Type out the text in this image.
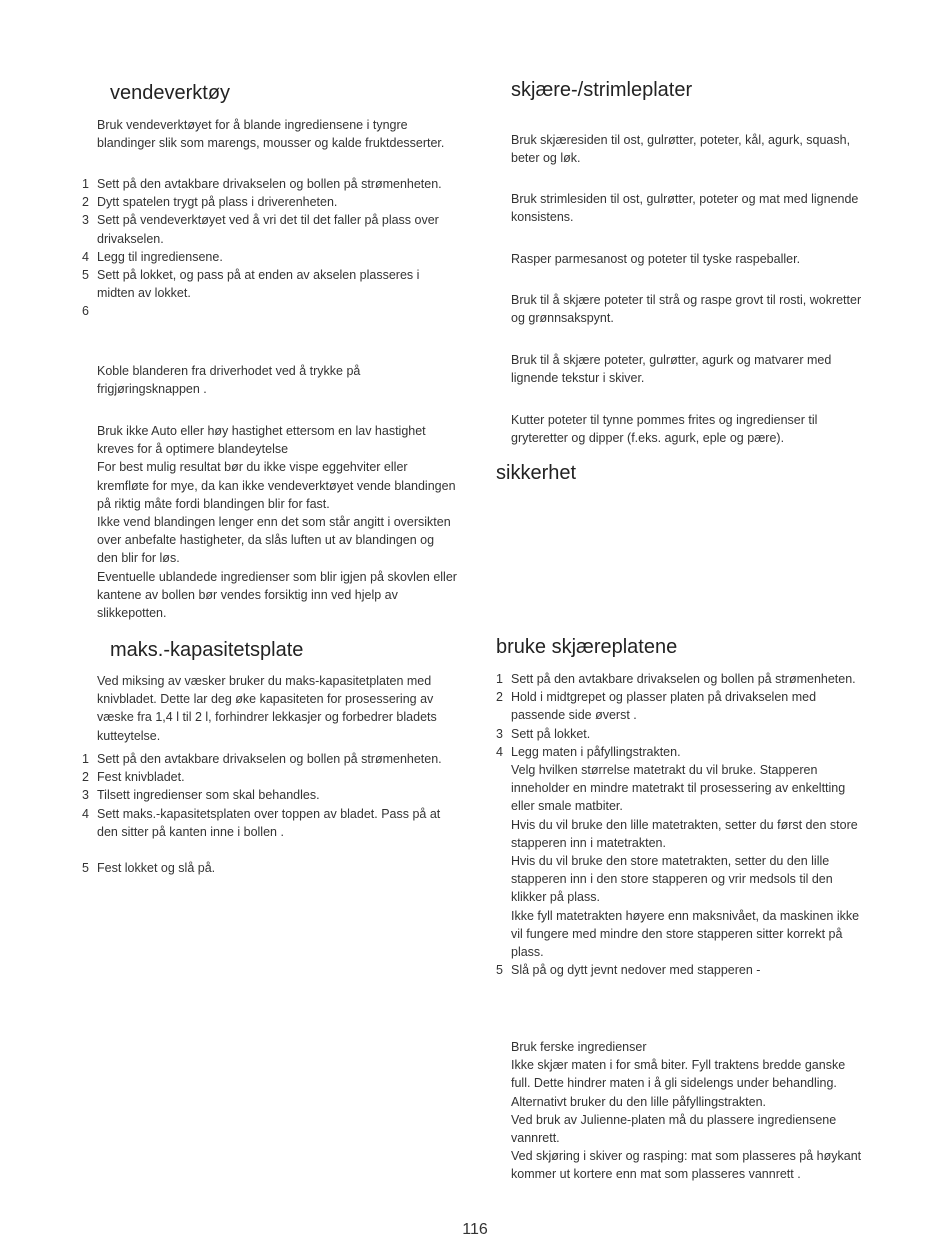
vendeverktøy

Bruk vendeverktøyet for å blande ingrediensene i tyngre blandinger slik som marengs, mousser og kalde fruktdesserter.

1 Sett på den avtakbare drivakselen og bollen på strømenheten.
2 Dytt spatelen trygt på plass i driverenheten.
3 Sett på vendeverktøyet ved å vri det til det faller på plass over drivakselen.
4 Legg til ingrediensene.
5 Sett på lokket, og pass på at enden av akselen plasseres i midten av lokket.
6

Koble blanderen fra driverhodet ved å trykke på frigjøringsknappen .

Bruk ikke Auto eller høy hastighet ettersom en lav hastighet kreves for å optimere blandeytelse

For best mulig resultat bør du ikke vispe eggehviter eller kremfløte for mye, da kan ikke vendeverktøyet vende blandingen på riktig måte fordi blandingen blir for fast.

Ikke vend blandingen lenger enn det som står angitt i oversikten over anbefalte hastigheter, da slås luften ut av blandingen og den blir for løs.

Eventuelle ublandede ingredienser som blir igjen på skovlen eller kantene av bollen bør vendes forsiktig inn ved hjelp av slikkepotten.

maks.-kapasitetsplate

Ved miksing av væsker bruker du maks-kapasitetplaten med knivbladet. Dette lar deg øke kapasiteten for prosessering av væske fra 1,4 l til 2 l, forhindrer lekkasjer og forbedrer bladets kutteytelse.

1 Sett på den avtakbare drivakselen og bollen på strømenheten.
2 Fest knivbladet.
3 Tilsett ingredienser som skal behandles.
4 Sett maks.-kapasitetsplaten over toppen av bladet. Pass på at den sitter på kanten inne i bollen .
5 Fest lokket og slå på.
skjære-/strimleplater

Bruk skjæresiden til ost, gulrøtter, poteter, kål, agurk, squash, beter og løk.

Bruk strimlesiden til ost, gulrøtter, poteter og mat med lignende konsistens.

Rasper parmesanost og poteter til tyske raspeballer.

Bruk til å skjære poteter til strå og raspe grovt til rosti, wokretter og grønnsakspynt.

Bruk til å skjære poteter, gulrøtter, agurk og matvarer med lignende tekstur i skiver.

Kutter poteter til tynne pommes frites og ingredienser til gryteretter og dipper (f.eks. agurk, eple og pære).

sikkerhet
bruke skjæreplatene
1 Sett på den avtakbare drivakselen og bollen på strømenheten.
2 Hold i midtgrepet og plasser platen på drivakselen med passende side øverst .
3 Sett på lokket.
4 Legg maten i påfyllingstrakten.
Velg hvilken størrelse matetrakt du vil bruke. Stapperen inneholder en mindre matetrakt til prosessering av enkeltting eller smale matbiter.
Hvis du vil bruke den lille matetrakten, setter du først den store stapperen inn i matetrakten.
Hvis du vil bruke den store matetrakten, setter du den lille stapperen inn i den store stapperen og vrir medsols til den klikker på plass.
Ikke fyll matetrakten høyere enn maksnivået, da maskinen ikke vil fungere med mindre den store stapperen sitter korrekt på plass.
5 Slå på og dytt jevnt nedover med stapperen -

Bruk ferske ingredienser

Ikke skjær maten i for små biter. Fyll traktens bredde ganske full. Dette hindrer maten i å gli sidelengs under behandling. Alternativt bruker du den lille påfyllingstrakten.

Ved bruk av Julienne-platen må du plassere ingrediensene vannrett.

Ved skjøring i skiver og rasping: mat som plasseres på høykant kommer ut kortere enn mat som plasseres vannrett .

116
